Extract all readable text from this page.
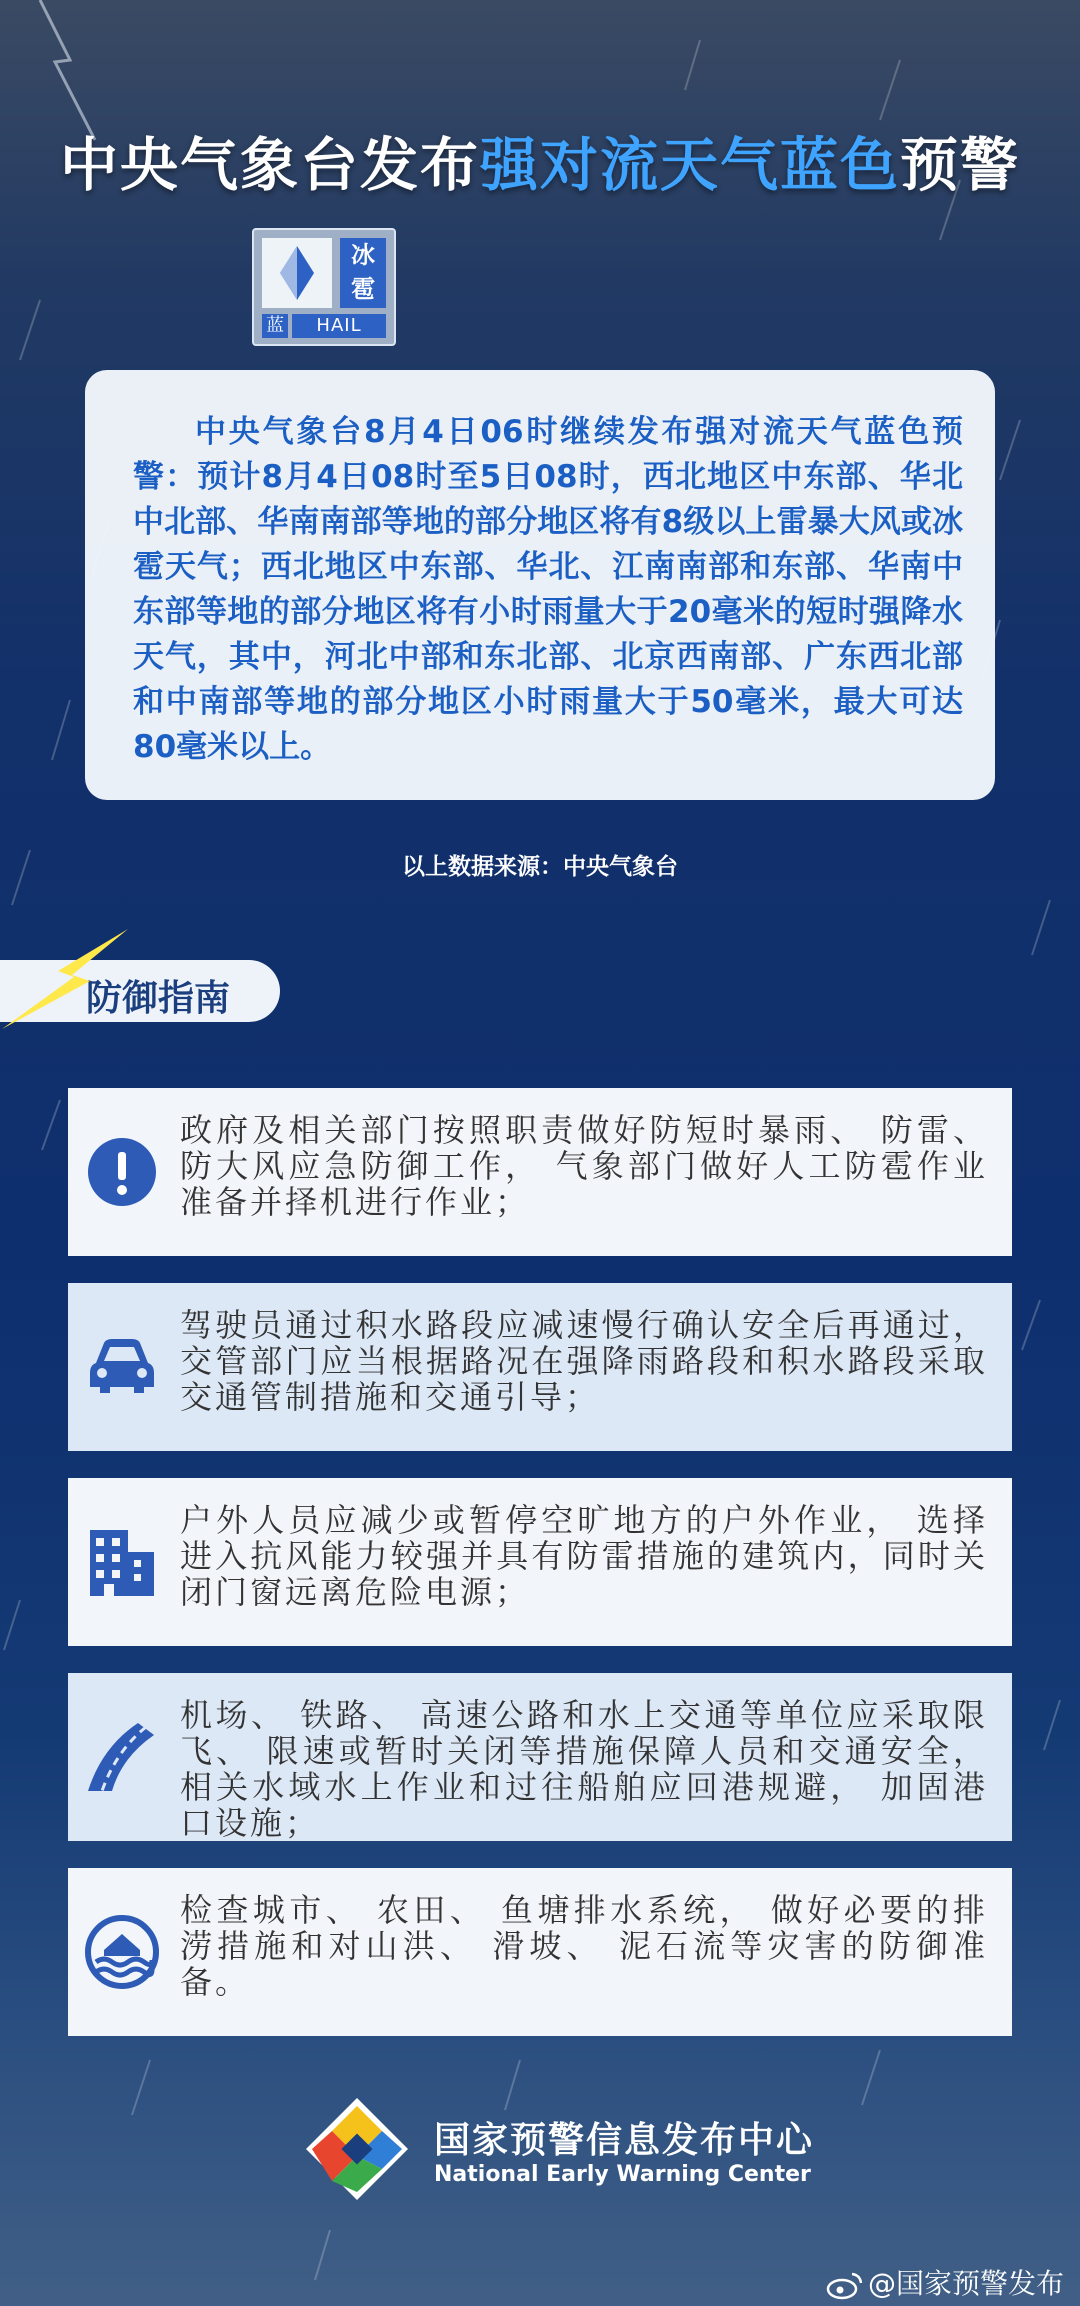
中央气象台发布强对流天气蓝色预警
冰雹
蓝	HAIL
中央气象台8月4日06时继续发布强对流天气蓝色预警：预计8月4日08时至5日08时，西北地区中东部、华北中北部、华南南部等地的部分地区将有8级以上雷暴大风或冰雹天气；西北地区中东部、华北、江南南部和东部、华南中东部等地的部分地区将有小时雨量大于20毫米的短时强降水天气，其中，河北中部和东北部、北京西南部、广东西北部和中南部等地的部分地区小时雨量大于50毫米，最大可达80毫米以上。
以上数据来源：中央气象台
防御指南
政府及相关部门按照职责做好防短时暴雨、 防雷、 防大风应急防御工作， 气象部门做好人工防雹作业准备并择机进行作业；
驾驶员通过积水路段应减速慢行确认安全后再通过， 交管部门应当根据路况在强降雨路段和积水路段采取交通管制措施和交通引导；
户外人员应减少或暂停空旷地方的户外作业， 选择进入抗风能力较强并具有防雷措施的建筑内，同时关闭门窗远离危险电源；
机场、 铁路、 高速公路和水上交通等单位应采取限飞、 限速或暂时关闭等措施保障人员和交通安全， 相关水域水上作业和过往船舶应回港规避， 加固港口设施；
检查城市、 农田、 鱼塘排水系统， 做好必要的排涝措施和对山洪、 滑坡、 泥石流等灾害的防御准备。
国家预警信息发布中心
National Early Warning Center
@国家预警发布
